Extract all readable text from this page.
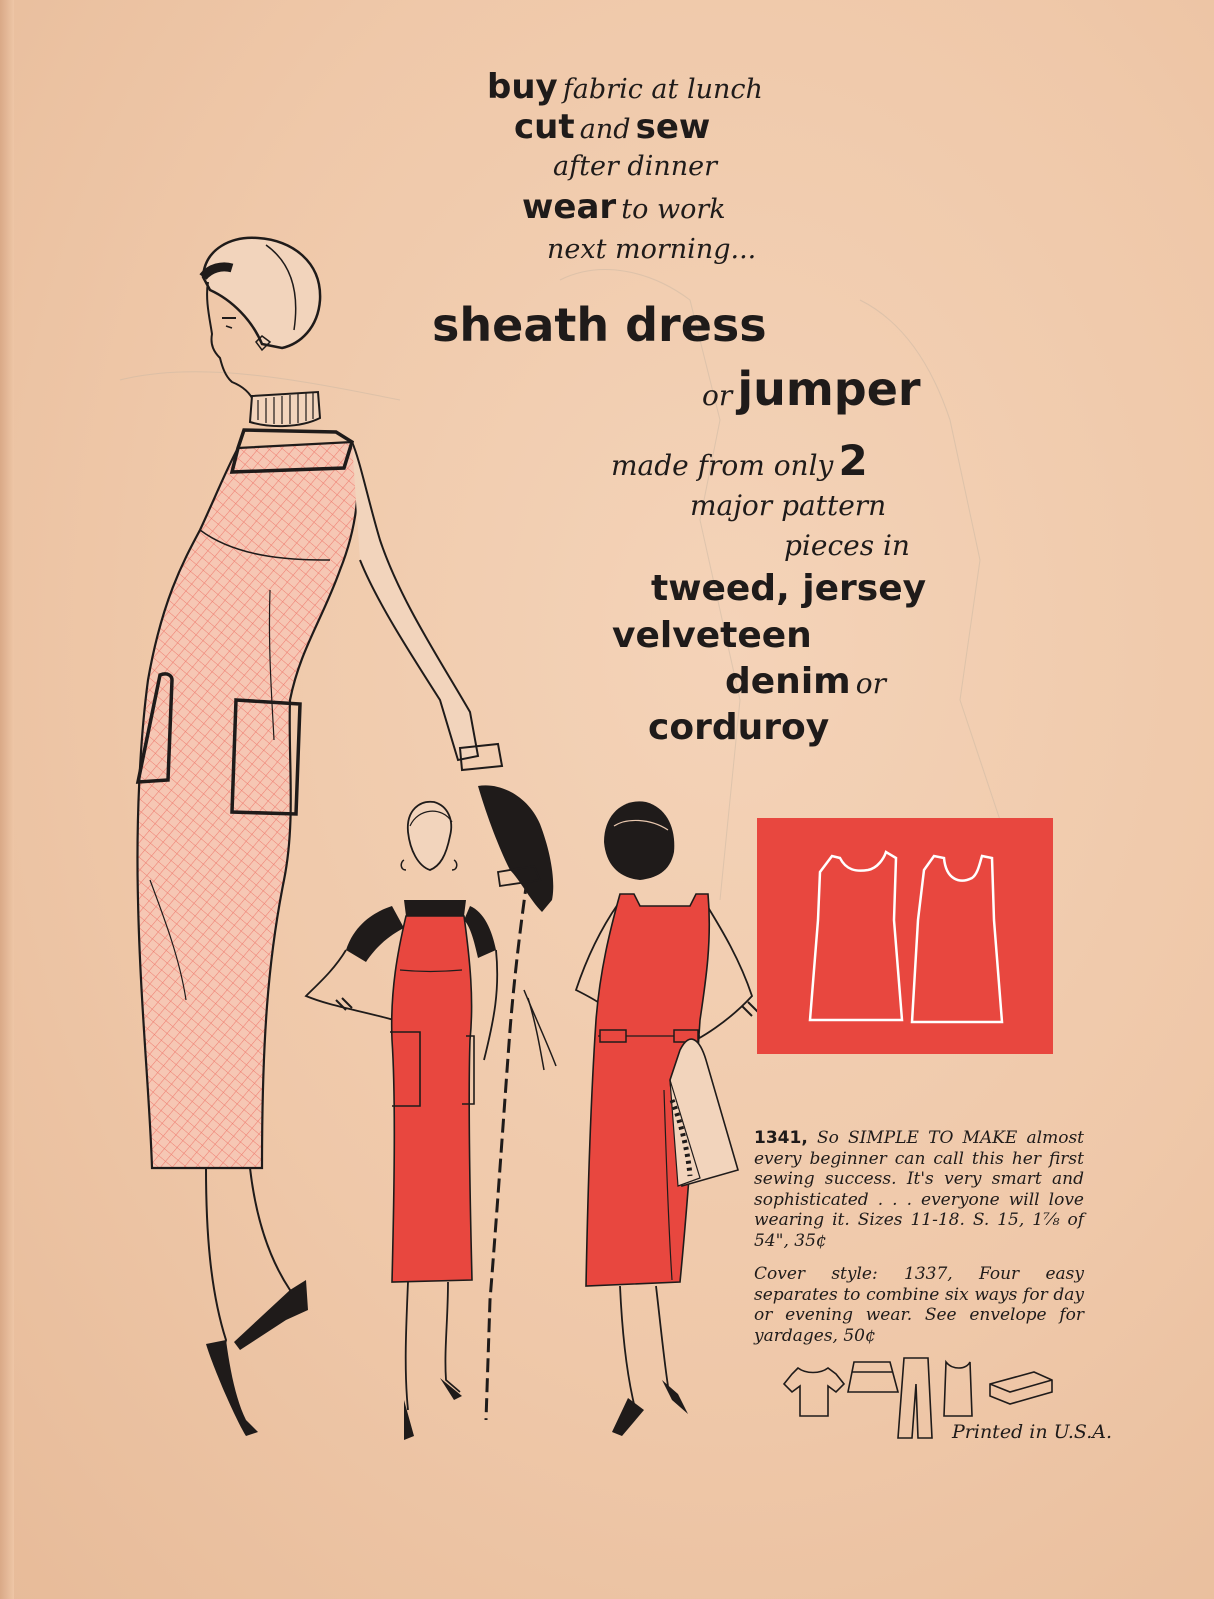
buy fabric at lunch
cut and sew
after dinner
wear to work
next morning...
sheath dress
or jumper
made from only 2
major pattern
pieces in
tweed, jersey
velveteen
denim or
corduroy
1341, So SIMPLE TO MAKE almost every beginner can call this her first sewing success. It's very smart and sophisticated . . . everyone will love wearing it. Sizes 11-18. S. 15, 1⅞ of 54", 35¢
Cover style: 1337, Four easy separates to combine six ways for day or evening wear. See envelope for yardages, 50¢
Printed in U.S.A.
